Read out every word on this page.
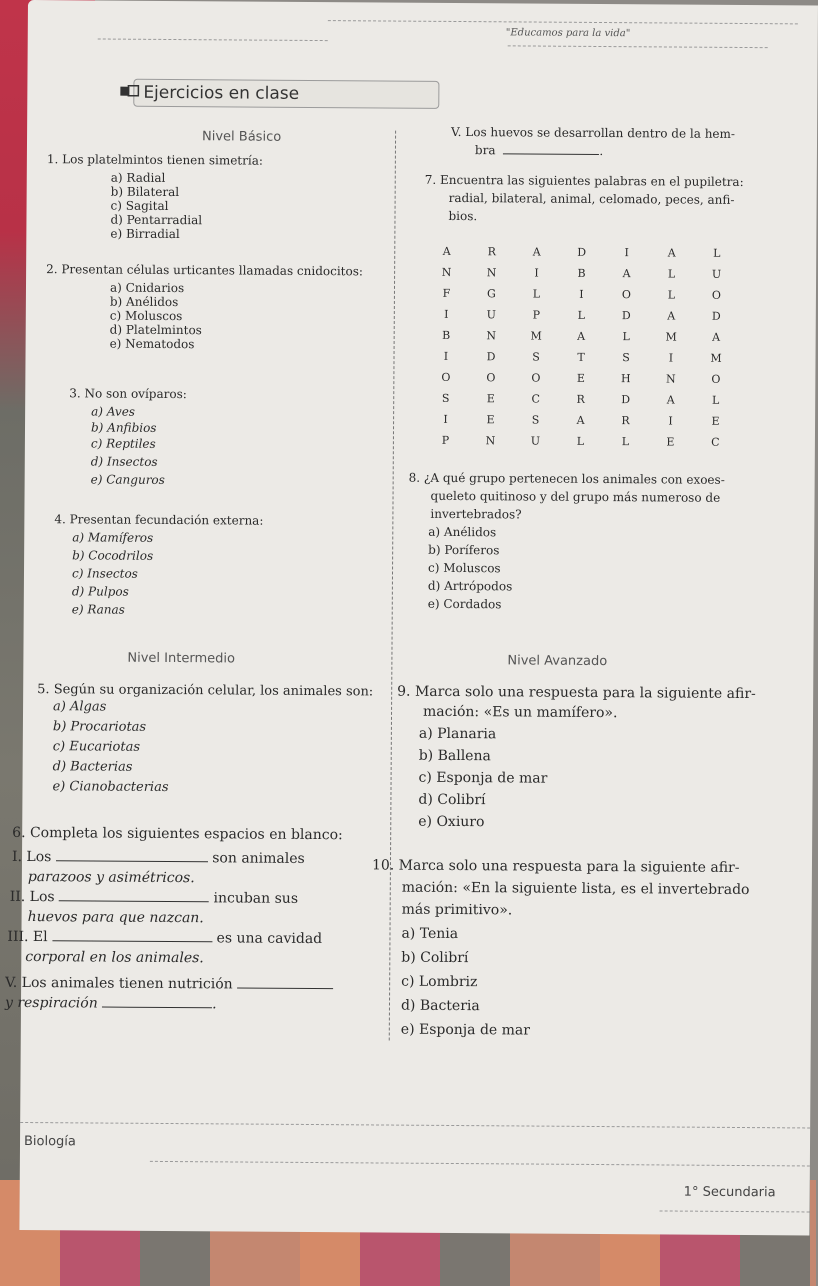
"Educamos para la vida"
Ejercicios en clase
Nivel Básico
1. Los platelmintos tienen simetría:
a) Radial
b) Bilateral
c) Sagital
d) Pentarradial
e) Birradial
2. Presentan células urticantes llamadas cnidocitos:
a) Cnidarios
b) Anélidos
c) Moluscos
d) Platelmintos
e) Nematodos
3. No son ovíparos:
a) Aves
b) Anfibios
c) Reptiles
d) Insectos
e) Canguros
4. Presentan fecundación externa:
a) Mamíferos
b) Cocodrilos
c) Insectos
d) Pulpos
e) Ranas
V. Los huevos se desarrollan dentro de la hem-
bra	.
7. Encuentra las siguientes palabras en el pupiletra:
radial, bilateral, animal, celomado, peces, anfi-
bios.
A	R	A	D	I	A	L
N	N	I	B	A	L	U
F	G	L	I	O	L	O
I	U	P	L	D	A	D
B	N	M	A	L	M	A
I	D	S	T	S	I	M
O	O	O	E	H	N	O
S	E	C	R	D	A	L
I	E	S	A	R	I	E
P	N	U	L	L	E	C
8. ¿A qué grupo pertenecen los animales con exoes-
queleto quitinoso y del grupo más numeroso de
invertebrados?
a) Anélidos
b) Poríferos
c) Moluscos
d) Artrópodos
e) Cordados
Nivel Intermedio	Nivel Avanzado
5. Según su organización celular, los animales son:
a) Algas
b) Procariotas
c) Eucariotas
d) Bacterias
e) Cianobacterias
6. Completa los siguientes espacios en blanco:
I. Los	son animales
parazoos y asimétricos.
II. Los	incuban sus
huevos para que nazcan.
III. El	es una cavidad
corporal en los animales.
V. Los animales tienen nutrición
y respiración	.
9. Marca solo una respuesta para la siguiente afir-
mación: «Es un mamífero».
a) Planaria
b) Ballena
c) Esponja de mar
d) Colibrí
e) Oxiuro
10. Marca solo una respuesta para la siguiente afir-
mación: «En la siguiente lista, es el invertebrado
más primitivo».
a) Tenia
b) Colibrí
c) Lombriz
d) Bacteria
e) Esponja de mar
Biología
1° Secundaria
